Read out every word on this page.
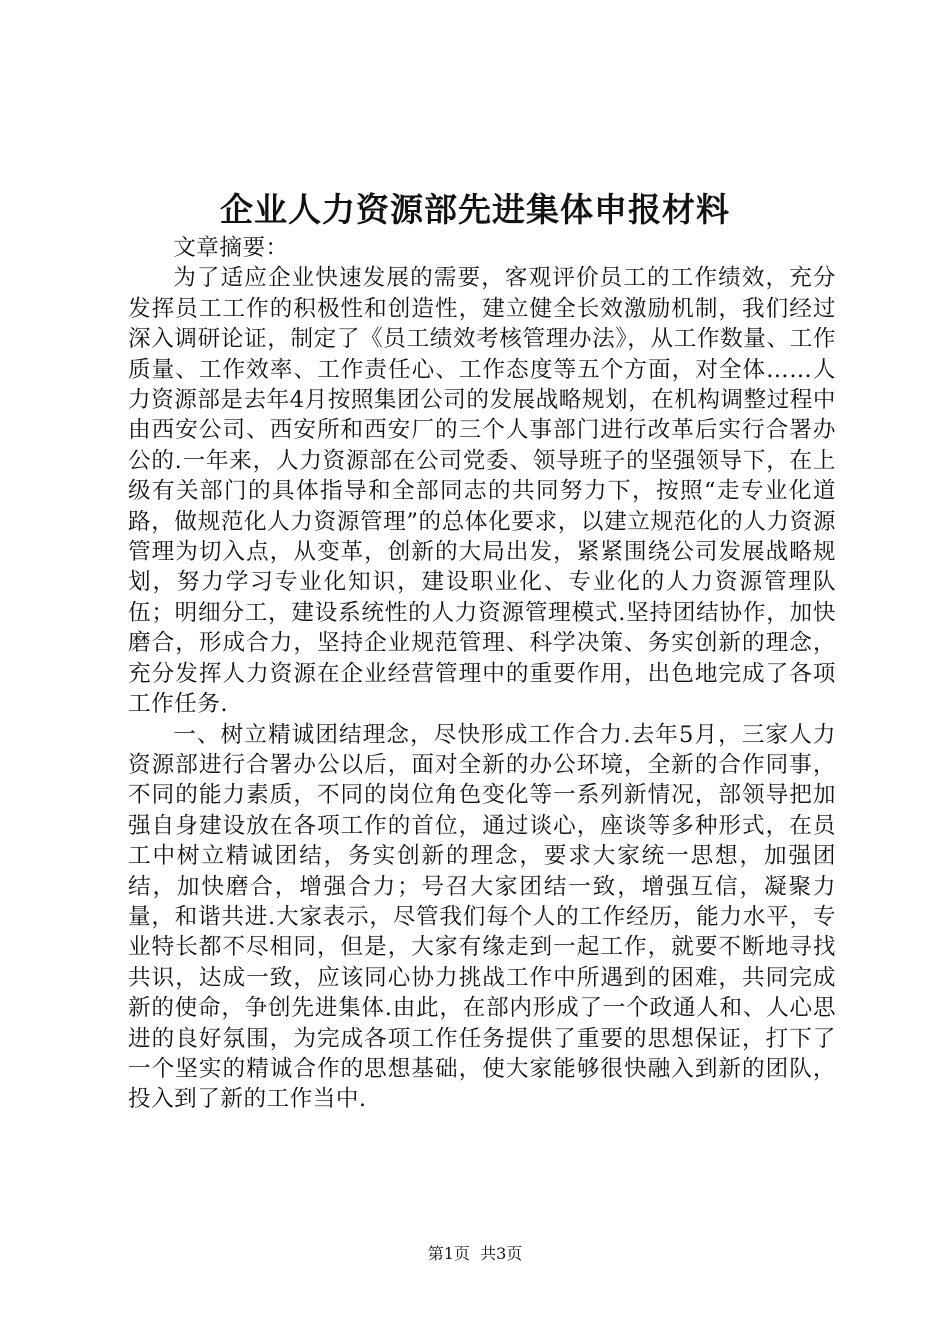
企业人力资源部先进集体申报材料

文章摘要：

为了适应企业快速发展的需要，客观评价员工的工作绩效，充分发挥员工工作的积极性和创造性，建立健全长效激励机制，我们经过深入调研论证，制定了《员工绩效考核管理办法》，从工作数量、工作质量、工作效率、工作责任心、工作态度等五个方面，对全体……人力资源部是去年4月按照集团公司的发展战略规划，在机构调整过程中由西安公司、西安所和西安厂的三个人事部门进行改革后实行合署办公的.一年来，人力资源部在公司党委、领导班子的坚强领导下，在上级有关部门的具体指导和全部同志的共同努力下，按照“走专业化道路，做规范化人力资源管理”的总体化要求，以建立规范化的人力资源管理为切入点，从变革，创新的大局出发，紧紧围绕公司发展战略规划，努力学习专业化知识，建设职业化、专业化的人力资源管理队伍；明细分工，建设系统性的人力资源管理模式.坚持团结协作，加快磨合，形成合力，坚持企业规范管理、科学决策、务实创新的理念，充分发挥人力资源在企业经营管理中的重要作用，出色地完成了各项工作任务.

一、树立精诚团结理念，尽快形成工作合力.去年5月，三家人力资源部进行合署办公以后，面对全新的办公环境，全新的合作同事，不同的能力素质，不同的岗位角色变化等一系列新情况，部领导把加强自身建设放在各项工作的首位，通过谈心，座谈等多种形式，在员工中树立精诚团结，务实创新的理念，要求大家统一思想，加强团结，加快磨合，增强合力；号召大家团结一致，增强互信，凝聚力量，和谐共进.大家表示，尽管我们每个人的工作经历，能力水平，专业特长都不尽相同，但是，大家有缘走到一起工作，就要不断地寻找共识，达成一致，应该同心协力挑战工作中所遇到的困难，共同完成新的使命，争创先进集体.由此，在部内形成了一个政通人和、人心思进的良好氛围，为完成各项工作任务提供了重要的思想保证，打下了一个坚实的精诚合作的思想基础，使大家能够很快融入到新的团队，投入到了新的工作当中.

第1页 共3页
